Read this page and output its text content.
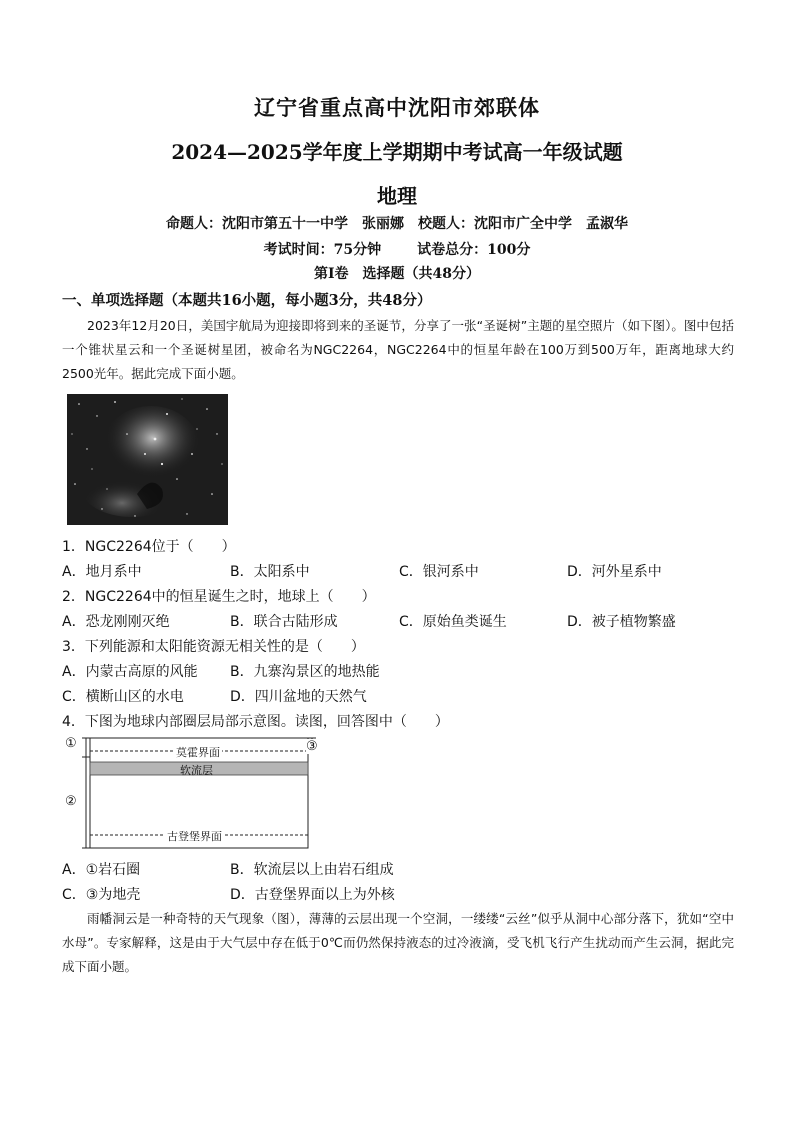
辽宁省重点高中沈阳市郊联体
2024—2025学年度上学期期中考试高一年级试题
地理
命题人：沈阳市第五十一中学　张丽娜　校题人：沈阳市广全中学　孟淑华
考试时间：75分钟	试卷总分：100分
第Ⅰ卷　选择题（共48分）
一、单项选择题（本题共16小题，每小题3分，共48分）
2023年12月20日，美国宇航局为迎接即将到来的圣诞节，分享了一张“圣诞树”主题的星空照片（如下图）。图中包括一个锥状星云和一个圣诞树星团，被命名为NGC2264，NGC2264中的恒星年龄在100万到500万年，距离地球大约2500光年。据此完成下面小题。
1．NGC2264位于（　　）
A．地月系中	B．太阳系中	C．银河系中	D．河外星系中
2．NGC2264中的恒星诞生之时，地球上（　　）
A．恐龙刚刚灭绝	B．联合古陆形成	C．原始鱼类诞生	D．被子植物繁盛
3．下列能源和太阳能资源无相关性的是（　　）
A．内蒙古高原的风能 B．九寨沟景区的地热能
C．横断山区的水电	D．四川盆地的天然气
4．下图为地球内部圈层局部示意图。读图，回答图中（　　）
①
②
③
莫霍界面
软流层
古登堡界面
A．①岩石圈	B．软流层以上由岩石组成
C．③为地壳	D．古登堡界面以上为外核
雨幡洞云是一种奇特的天气现象（图），薄薄的云层出现一个空洞，一缕缕“云丝”似乎从洞中心部分落下，犹如“空中水母”。专家解释，这是由于大气层中存在低于0℃而仍然保持液态的过冷液滴，受飞机飞行产生扰动而产生云洞，据此完成下面小题。
